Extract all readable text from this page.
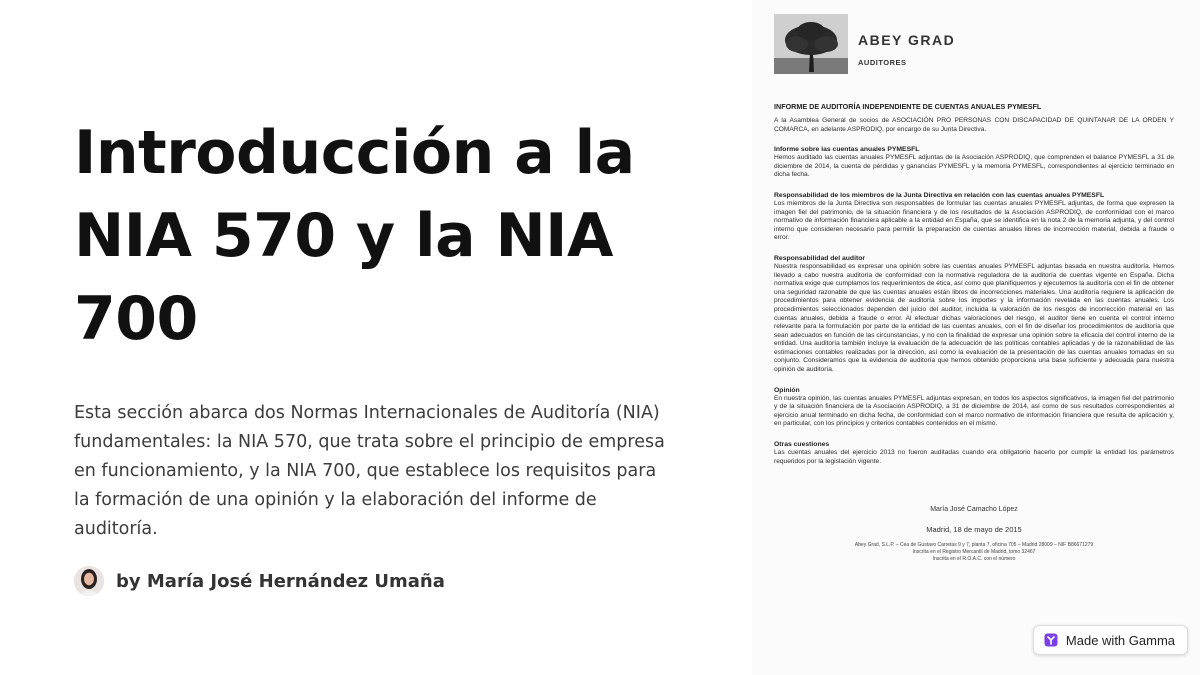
Introducción a la NIA 570 y la NIA 700

Esta sección abarca dos Normas Internacionales de Auditoría (NIA) fundamentales: la NIA 570, que trata sobre el principio de empresa en funcionamiento, y la NIA 700, que establece los requisitos para la formación de una opinión y la elaboración del informe de auditoría.

by María José Hernández Umaña
ABEY GRAD
AUDITORES
INFORME DE AUDITORÍA INDEPENDIENTE DE CUENTAS ANUALES PYMESFL
A la Asamblea General de socios de ASOCIACIÓN PRO PERSONAS CON DISCAPACIDAD DE QUINTANAR DE LA ORDEN Y COMARCA, en adelante ASPRODIQ, por encargo de su Junta Directiva.
Informe sobre las cuentas anuales PYMESFL
Hemos auditado las cuentas anuales PYMESFL adjuntas de la Asociación ASPRODIQ, que comprenden el balance PYMESFL a 31 de diciembre de 2014, la cuenta de pérdidas y ganancias PYMESFL y la memoria PYMESFL, correspondientes al ejercicio terminado en dicha fecha.
Responsabilidad de los miembros de la Junta Directiva en relación con las cuentas anuales PYMESFL
Los miembros de la Junta Directiva son responsables de formular las cuentas anuales PYMESFL adjuntas, de forma que expresen la imagen fiel del patrimonio, de la situación financiera y de los resultados de la Asociación ASPRODIQ, de conformidad con el marco normativo de información financiera aplicable a la entidad en España, que se identifica en la nota 2 de la memoria adjunta, y del control interno que consideren necesario para permitir la preparación de cuentas anuales libres de incorrección material, debida a fraude o error.
Responsabilidad del auditor
Nuestra responsabilidad es expresar una opinión sobre las cuentas anuales PYMESFL adjuntas basada en nuestra auditoría. Hemos llevado a cabo nuestra auditoría de conformidad con la normativa reguladora de la auditoría de cuentas vigente en España. Dicha normativa exige que cumplamos los requerimientos de ética, así como que planifiquemos y ejecutemos la auditoría con el fin de obtener una seguridad razonable de que las cuentas anuales están libres de incorrecciones materiales. Una auditoría requiere la aplicación de procedimientos para obtener evidencia de auditoría sobre los importes y la información revelada en las cuentas anuales. Los procedimientos seleccionados dependen del juicio del auditor, incluida la valoración de los riesgos de incorrección material en las cuentas anuales, debida a fraude o error. Al efectuar dichas valoraciones del riesgo, el auditor tiene en cuenta el control interno relevante para la formulación por parte de la entidad de las cuentas anuales, con el fin de diseñar los procedimientos de auditoría que sean adecuados en función de las circunstancias, y no con la finalidad de expresar una opinión sobre la eficacia del control interno de la entidad. Una auditoría también incluye la evaluación de la adecuación de las políticas contables aplicadas y de la razonabilidad de las estimaciones contables realizadas por la dirección, así como la evaluación de la presentación de las cuentas anuales tomadas en su conjunto. Consideramos que la evidencia de auditoría que hemos obtenido proporciona una base suficiente y adecuada para nuestra opinión de auditoría.
Opinión
En nuestra opinión, las cuentas anuales PYMESFL adjuntas expresan, en todos los aspectos significativos, la imagen fiel del patrimonio y de la situación financiera de la Asociación ASPRODIQ, a 31 de diciembre de 2014, así como de sus resultados correspondientes al ejercicio anual terminado en dicha fecha, de conformidad con el marco normativo de información financiera que resulta de aplicación y, en particular, con los principios y criterios contables contenidos en el mismo.
Otras cuestiones
Las cuentas anuales del ejercicio 2013 no fueron auditadas cuando era obligatorio hacerlo por cumplir la entidad los parámetros requeridos por la legislación vigente.
María José Camacho López
Madrid, 18 de mayo de 2015
Abey Grad, S.L.P. – Cea de Gustavo Carretas 9 y 7, planta 7, oficina 705 – Madrid 28009 – NIF B86671279
Inscrita en el Registro Mercantil de Madrid, tomo 32467
Inscrita en el R.O.A.C. con el número
Made with Gamma
